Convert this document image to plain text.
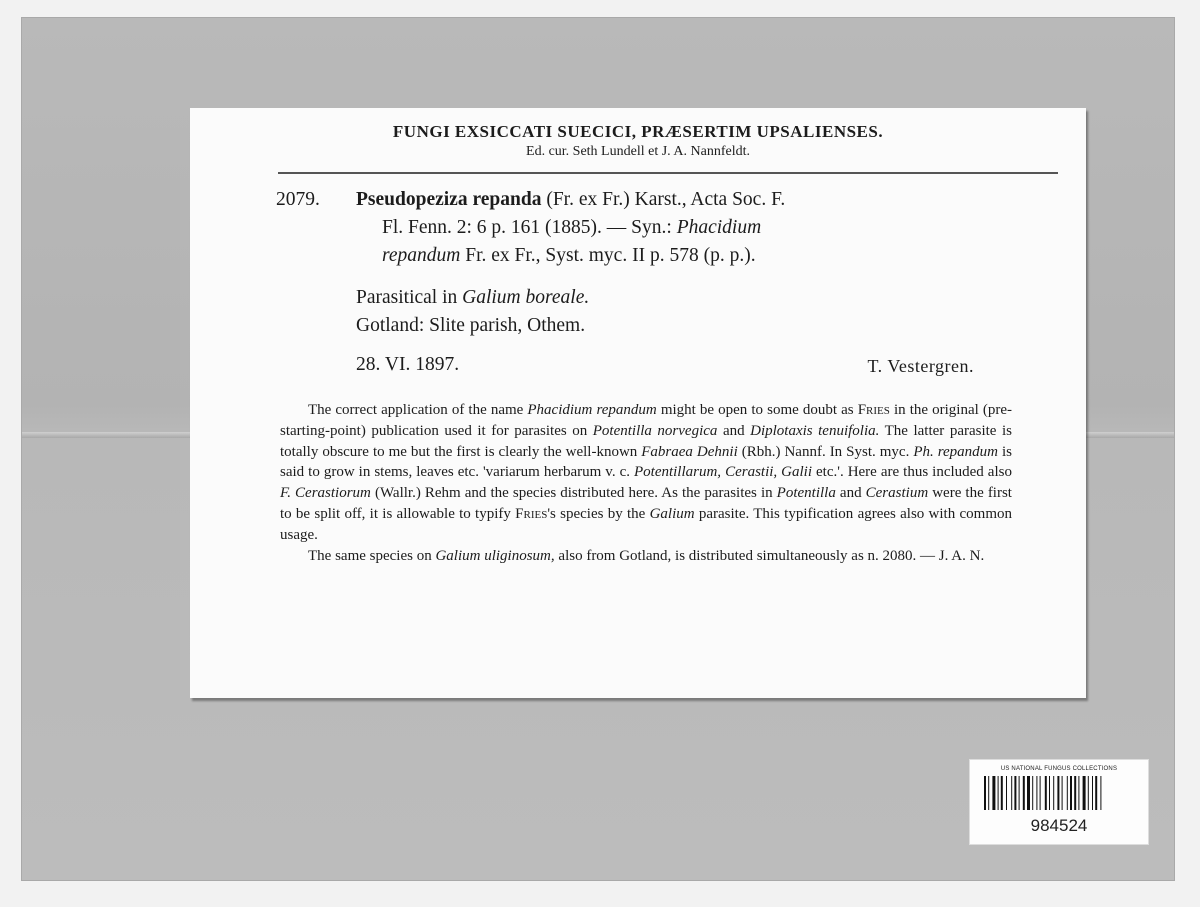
FUNGI EXSICCATI SUECICI, PRÆSERTIM UPSALIENSES.
Ed. cur. Seth Lundell et J. A. Nannfeldt.
2079. Pseudopeziza repanda (Fr. ex Fr.) Karst., Acta Soc. F.
Fl. Fenn. 2: 6 p. 161 (1885). — Syn.: Phacidium
repandum Fr. ex Fr., Syst. myc. II p. 578 (p. p.).
Parasitical in Galium boreale.
Gotland: Slite parish, Othem.
28. VI. 1897.	T. Vestergren.

The correct application of the name Phacidium repandum might be open to some doubt as Fries in the original (pre-starting-point) publication used it for parasites on Potentilla norvegica and Diplotaxis tenuifolia. The latter parasite is totally obscure to me but the first is clearly the well-known Fabraea Dehnii (Rbh.) Nannf. In Syst. myc. Ph. repandum is said to grow in stems, leaves etc. 'variarum herbarum v. c. Potentillarum, Cerastii, Galii etc.'. Here are thus included also F. Cerastiorum (Wallr.) Rehm and the species distributed here. As the parasites in Potentilla and Cerastium were the first to be split off, it is allowable to typify Fries's species by the Galium parasite. This typification agrees also with common usage.

The same species on Galium uliginosum, also from Gotland, is distributed simultaneously as n. 2080. — J. A. N.

US NATIONAL FUNGUS COLLECTIONS
984524
